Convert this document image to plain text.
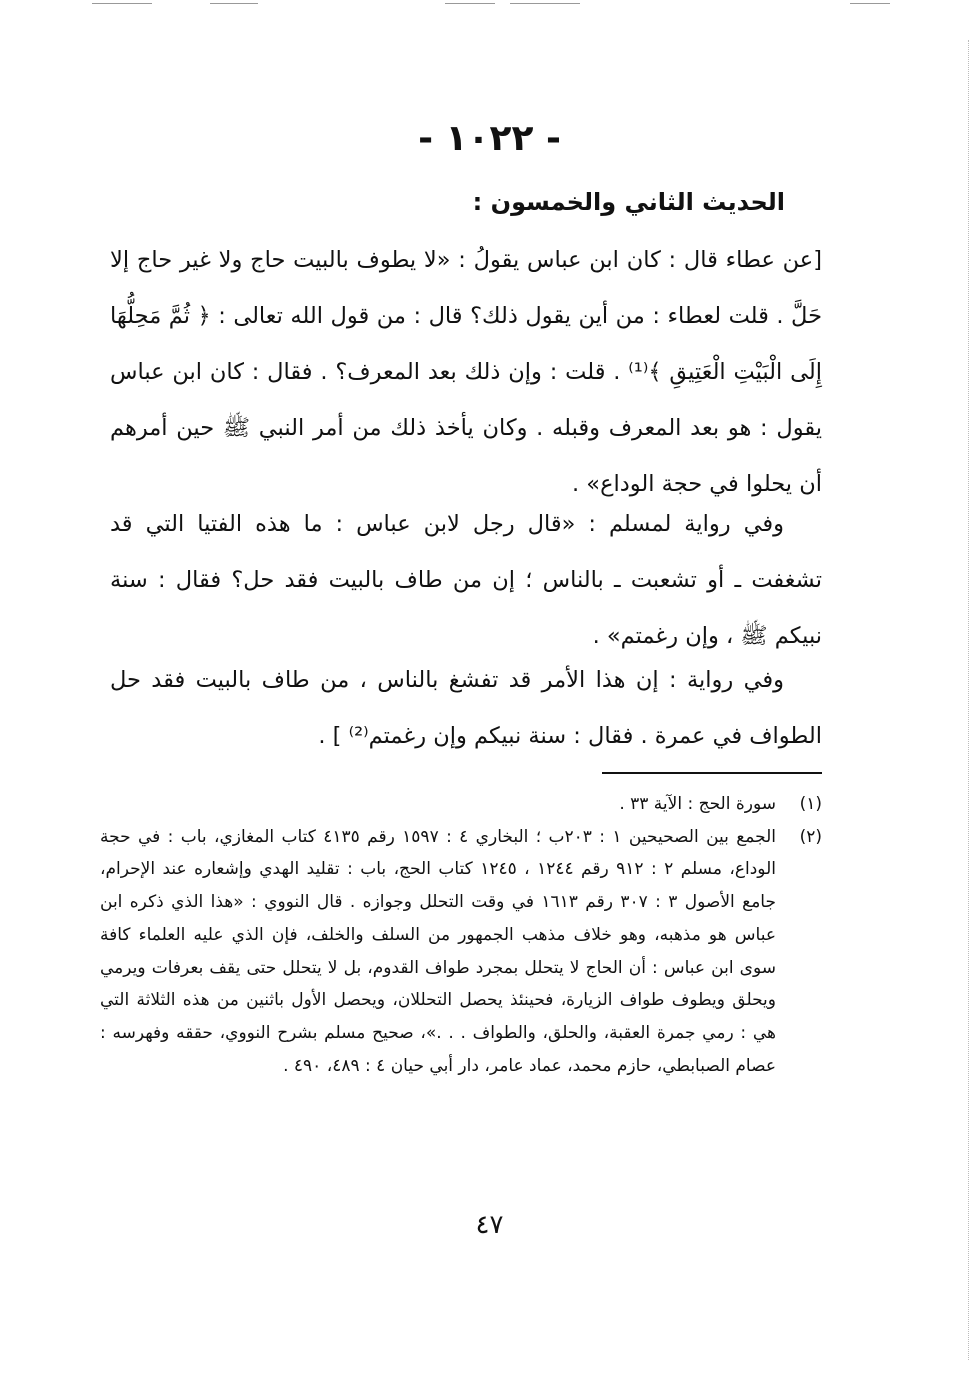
- ١٠٢٢ -
الحديث الثاني والخمسون :

[عن عطاء قال : كان ابن عباس يقولُ : «لا يطوف بالبيت حاج ولا غير حاج إلا حَلَّ . قلت لعطاء : من أين يقول ذلك؟ قال : من قول الله تعالى : ﴿ ثُمَّ مَحِلُّهَا إِلَى الْبَيْتِ الْعَتِيقِ ﴾⁽¹⁾ . قلت : وإن ذلك بعد المعرف؟ . فقال : كان ابن عباس يقول : هو بعد المعرف وقبله . وكان يأخذ ذلك من أمر النبي ﷺ حين أمرهم أن يحلوا في حجة الوداع» .

وفي رواية لمسلم : «قال رجل لابن عباس : ما هذه الفتيا التي قد تشغفت ـ أو تشعبت ـ بالناس ؛ إن من طاف بالبيت فقد حل؟ فقال : سنة نبيكم ﷺ ، وإن رغمتم» .

وفي رواية : إن هذا الأمر قد تفشغ بالناس ، من طاف بالبيت فقد حل الطواف في عمرة . فقال : سنة نبيكم وإن رغمتم⁽²⁾ ] .

(١)
سورة الحج : الآية ٣٣ .
(٢)
الجمع بين الصحيحين ١ : ٢٠٣ب ؛ البخاري ٤ : ١٥٩٧ رقم ٤١٣٥ كتاب المغازي، باب : في حجة الوداع، مسلم ٢ : ٩١٢ رقم ١٢٤٤ ، ١٢٤٥ كتاب الحج، باب : تقليد الهدي وإشعاره عند الإحرام، جامع الأصول ٣ : ٣٠٧ رقم ١٦١٣ في وقت التحلل وجوازه . قال النووي : «هذا الذي ذكره ابن عباس هو مذهبه، وهو خلاف مذهب الجمهور من السلف والخلف، فإن الذي عليه العلماء كافة سوى ابن عباس : أن الحاج لا يتحلل بمجرد طواف القدوم، بل لا يتحلل حتى يقف بعرفات ويرمي ويحلق ويطوف طواف الزيارة، فحينئذ يحصل التحللان، ويحصل الأول باثنين من هذه الثلاثة التي هي : رمي جمرة العقبة، والحلق، والطواف . . .»، صحيح مسلم بشرح النووي، حققه وفهرسه : عصام الصبابطي، حازم محمد، عماد عامر، دار أبي حيان ٤ : ٤٨٩، ٤٩٠ .
٤٧
